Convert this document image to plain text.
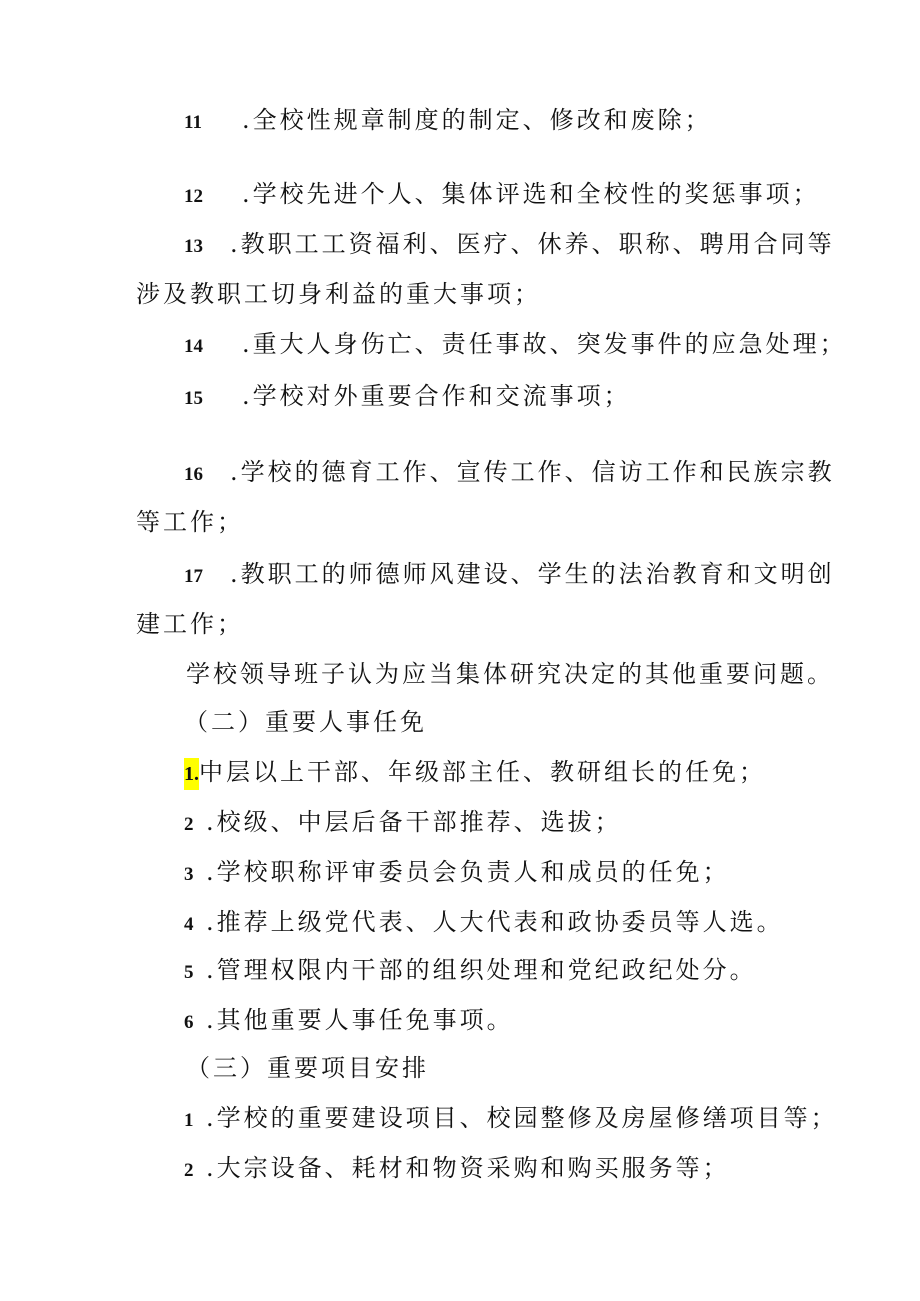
11 .全校性规章制度的制定、修改和废除；
12 .学校先进个人、集体评选和全校性的奖惩事项；
13 .教职工工资福利、医疗、休养、职称、聘用合同等
涉及教职工切身利益的重大事项；
14 .重大人身伤亡、责任事故、突发事件的应急处理；
15 .学校对外重要合作和交流事项；
16 .学校的德育工作、宣传工作、信访工作和民族宗教
等工作；
17 .教职工的师德师风建设、学生的法治教育和文明创
建工作；
学校领导班子认为应当集体研究决定的其他重要问题。
（二）重要人事任免
1.中层以上干部、年级部主任、教研组长的任免；
2 .校级、中层后备干部推荐、选拔；
3 .学校职称评审委员会负责人和成员的任免；
4 .推荐上级党代表、人大代表和政协委员等人选。
5 .管理权限内干部的组织处理和党纪政纪处分。
6 .其他重要人事任免事项。
（三）重要项目安排
1 .学校的重要建设项目、校园整修及房屋修缮项目等；
2 .大宗设备、耗材和物资采购和购买服务等；
